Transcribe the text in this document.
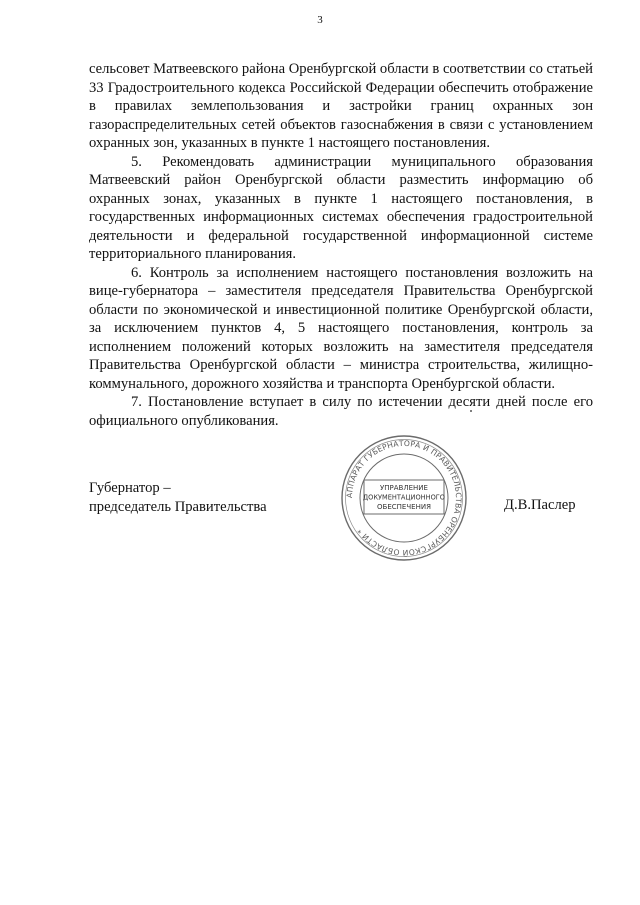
3

сельсовет Матвеевского района Оренбургской области в соответствии со статьей 33 Градостроительного кодекса Российской Федерации обеспечить отображение в правилах землепользования и застройки границ охранных зон газораспределительных сетей объектов газоснабжения в связи с установлением охранных зон, указанных в пункте 1 настоящего постановления.

5. Рекомендовать администрации муниципального образования Матвеевский район Оренбургской области разместить информацию об охранных зонах, указанных в пункте 1 настоящего постановления, в государственных информационных системах обеспечения градостроительной деятельности и федеральной государственной информационной системе территориального планирования.

6. Контроль за исполнением настоящего постановления возложить на вице-губернатора – заместителя председателя Правительства Оренбургской области по экономической и инвестиционной политике Оренбургской области, за исключением пунктов 4, 5 настоящего постановления, контроль за исполнением положений которых возложить на заместителя председателя Правительства Оренбургской области – министра строительства, жилищно-коммунального, дорожного хозяйства и транспорта Оренбургской области.

7. Постановление вступает в силу по истечении десяти дней после его официального опубликования.

Губернатор –
председатель Правительства	Д.В.Паслер
АППАРАТ ГУБЕРНАТОРА И ПРАВИТЕЛЬСТВА ОРЕНБУРГСКОЙ ОБЛАСТИ *
УПРАВЛЕНИЕ
ДОКУМЕНТАЦИОННОГО
ОБЕСПЕЧЕНИЯ
